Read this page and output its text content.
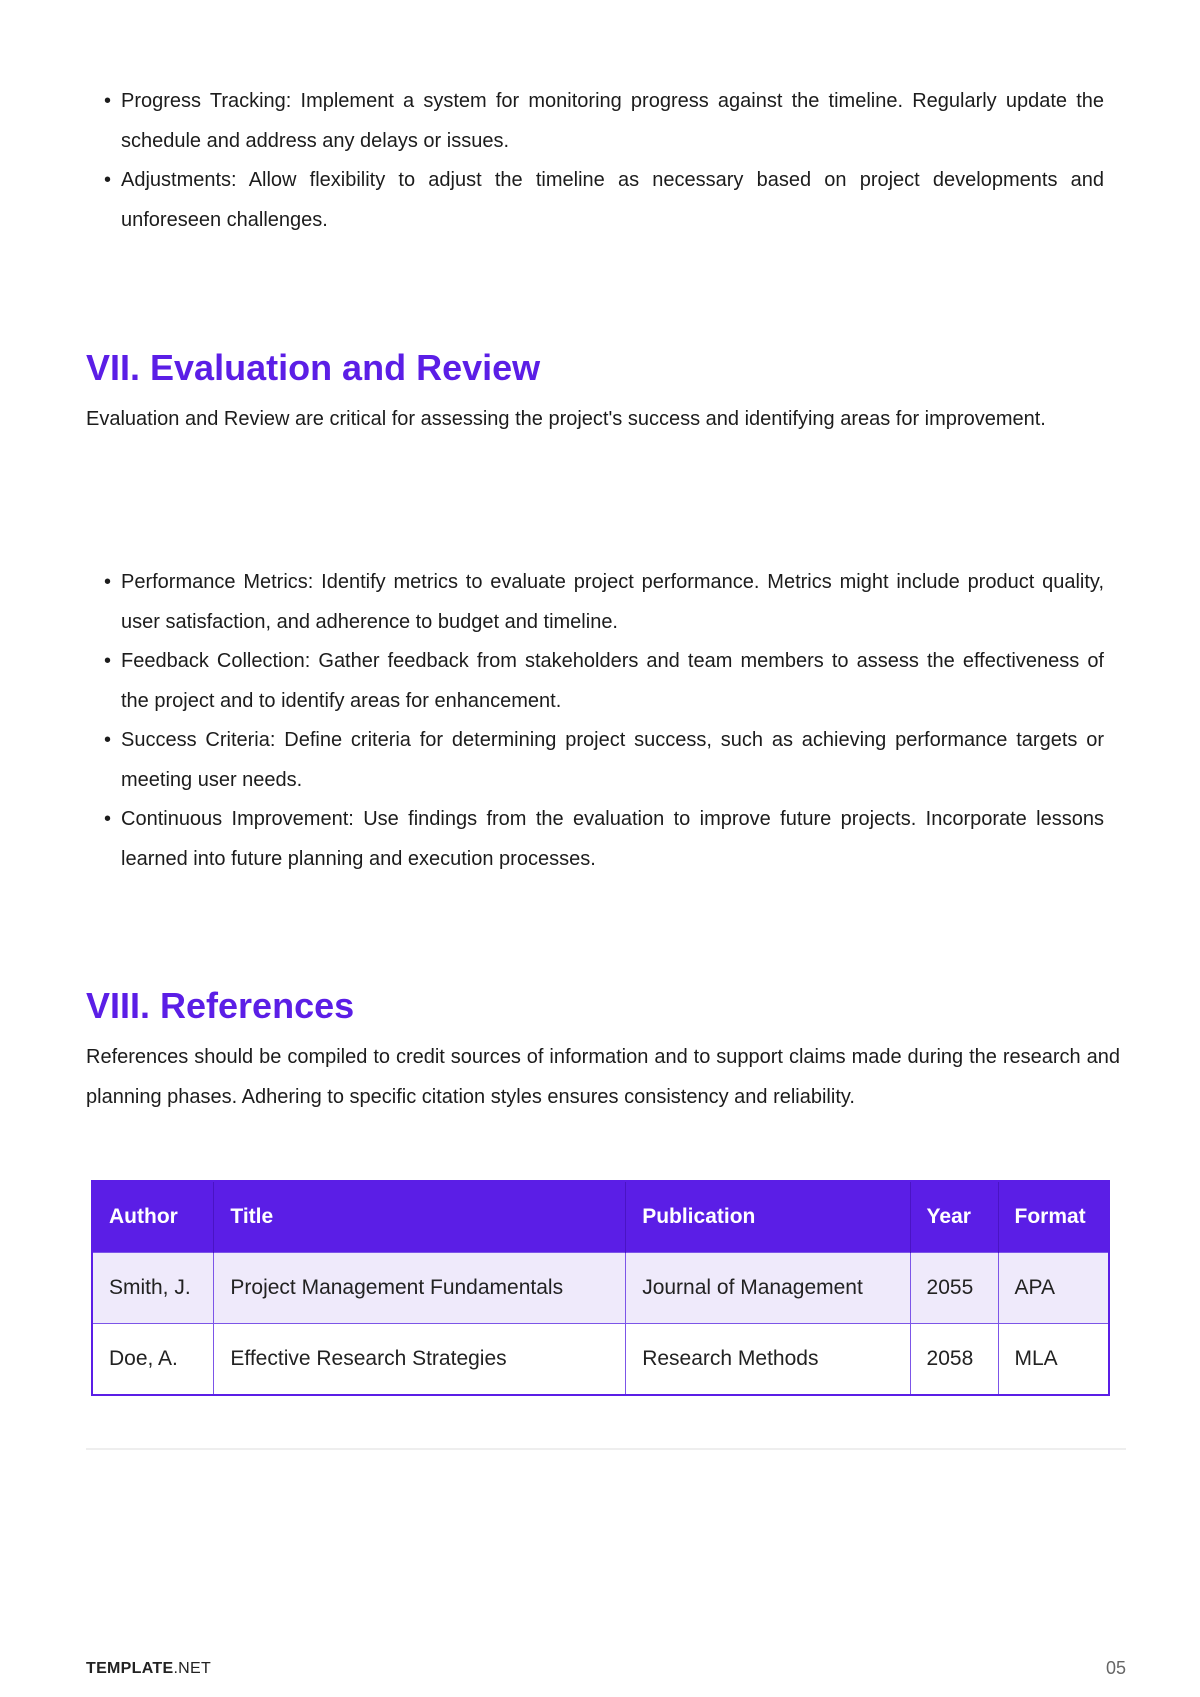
• Progress Tracking: Implement a system for monitoring progress against the timeline. Regularly update the schedule and address any delays or issues.
• Adjustments: Allow flexibility to adjust the timeline as necessary based on project developments and unforeseen challenges.
VII. Evaluation and Review

Evaluation and Review are critical for assessing the project's success and identifying areas for improvement.

• Performance Metrics: Identify metrics to evaluate project performance. Metrics might include product quality, user satisfaction, and adherence to budget and timeline.
• Feedback Collection: Gather feedback from stakeholders and team members to assess the effectiveness of the project and to identify areas for enhancement.
• Success Criteria: Define criteria for determining project success, such as achieving performance targets or meeting user needs.
• Continuous Improvement: Use findings from the evaluation to improve future projects. Incorporate lessons learned into future planning and execution processes.
VIII. References

References should be compiled to credit sources of information and to support claims made during the research and planning phases. Adhering to specific citation styles ensures consistency and reliability.

Author	Title	Publication	Year	Format
Smith, J.	Project Management Fundamentals	Journal of Management	2055	APA
Doe, A.	Effective Research Strategies	Research Methods	2058	MLA
TEMPLATE.NET	05
